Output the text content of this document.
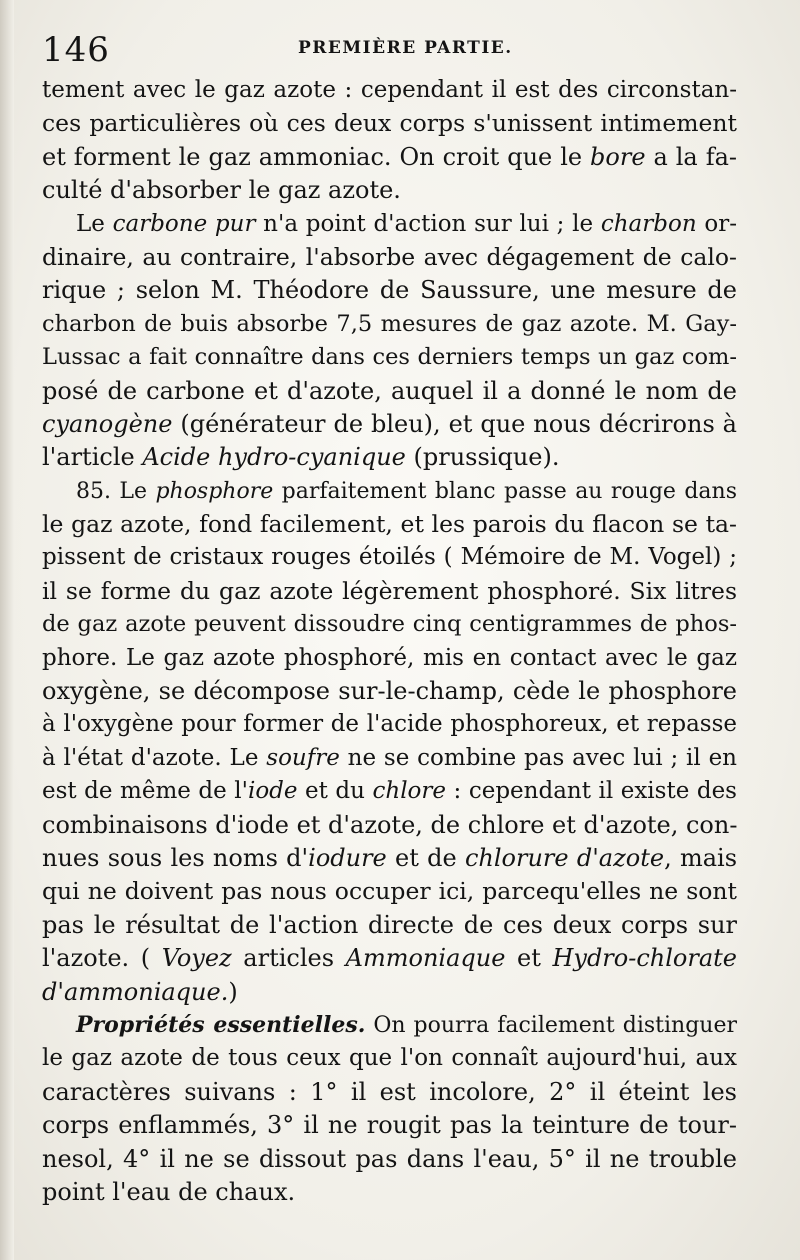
146	PREMIÈRE PARTIE.
tement avec le gaz azote : cependant il est des circonstan-
ces particulières où ces deux corps s'unissent intimement
et forment le gaz ammoniac. On croit que le bore a la fa-
culté d'absorber le gaz azote.
Le carbone pur n'a point d'action sur lui ; le charbon or-
dinaire, au contraire, l'absorbe avec dégagement de calo-
rique ; selon M. Théodore de Saussure, une mesure de
charbon de buis absorbe 7,5 mesures de gaz azote. M. Gay-
Lussac a fait connaître dans ces derniers temps un gaz com-
posé de carbone et d'azote, auquel il a donné le nom de
cyanogène (générateur de bleu), et que nous décrirons à
l'article Acide hydro-cyanique (prussique).
85. Le phosphore parfaitement blanc passe au rouge dans
le gaz azote, fond facilement, et les parois du flacon se ta-
pissent de cristaux rouges étoilés ( Mémoire de M. Vogel) ;
il se forme du gaz azote légèrement phosphoré. Six litres
de gaz azote peuvent dissoudre cinq centigrammes de phos-
phore. Le gaz azote phosphoré, mis en contact avec le gaz
oxygène, se décompose sur-le-champ, cède le phosphore
à l'oxygène pour former de l'acide phosphoreux, et repasse
à l'état d'azote. Le soufre ne se combine pas avec lui ; il en
est de même de l'iode et du chlore : cependant il existe des
combinaisons d'iode et d'azote, de chlore et d'azote, con-
nues sous les noms d'iodure et de chlorure d'azote, mais
qui ne doivent pas nous occuper ici, parcequ'elles ne sont
pas le résultat de l'action directe de ces deux corps sur
l'azote. ( Voyez articles Ammoniaque et Hydro-chlorate
d'ammoniaque.)
Propriétés essentielles. On pourra facilement distinguer
le gaz azote de tous ceux que l'on connaît aujourd'hui, aux
caractères suivans : 1° il est incolore, 2° il éteint les
corps enflammés, 3° il ne rougit pas la teinture de tour-
nesol, 4° il ne se dissout pas dans l'eau, 5° il ne trouble
point l'eau de chaux.
